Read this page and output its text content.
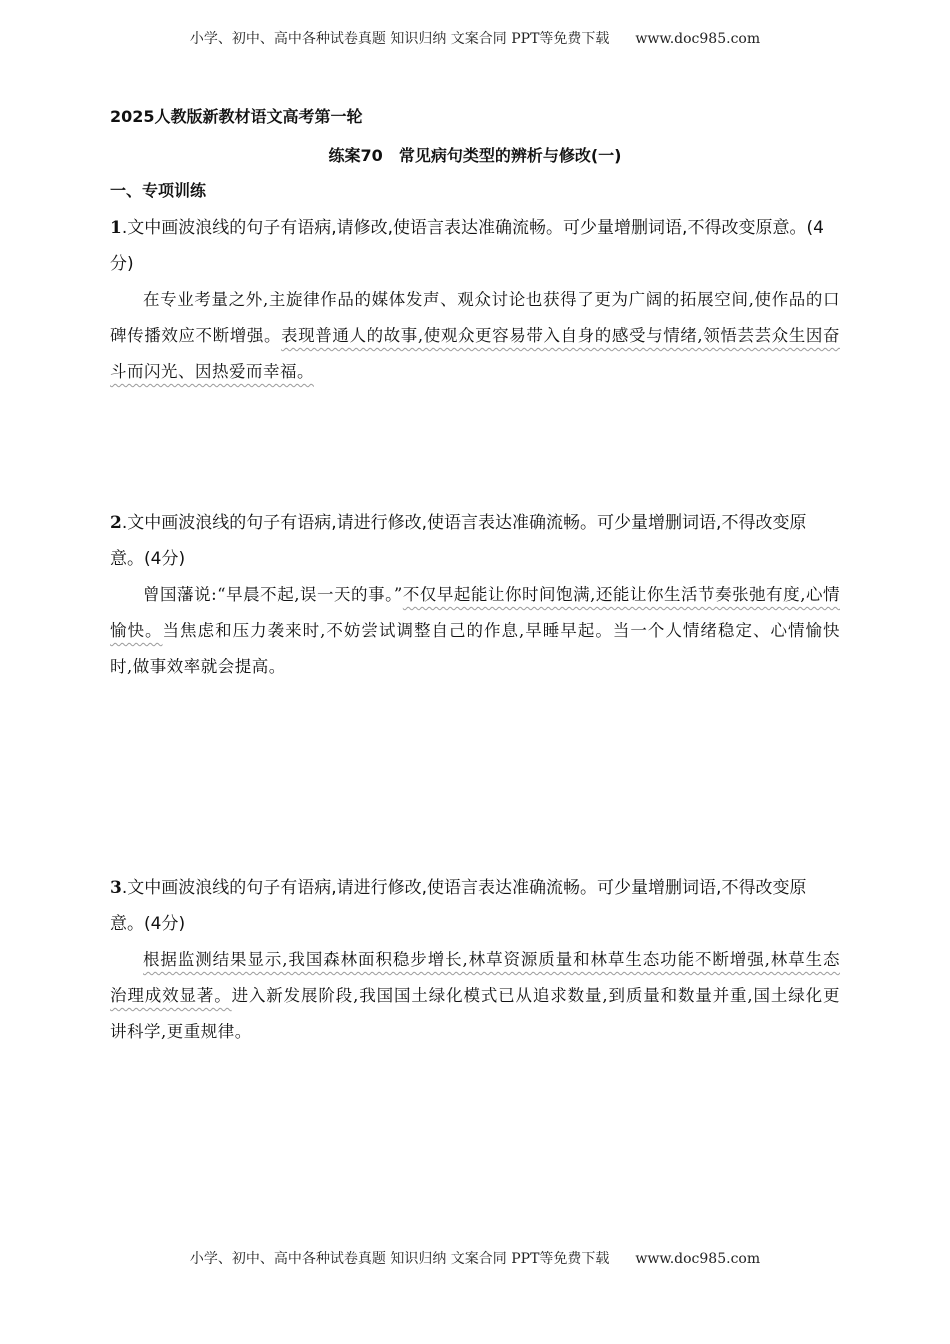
小学、初中、高中各种试卷真题 知识归纳 文案合同 PPT等免费下载 www.doc985.com
2025人教版新教材语文高考第一轮
练案70 常见病句类型的辨析与修改(一)
一、专项训练
1.文中画波浪线的句子有语病,请修改,使语言表达准确流畅。可少量增删词语,不得改变原意。(4分)
在专业考量之外,主旋律作品的媒体发声、观众讨论也获得了更为广阔的拓展空间,使作品的口碑传播效应不断增强。表现普通人的故事,使观众更容易带入自身的感受与情绪,领悟芸芸众生因奋斗而闪光、因热爱而幸福。
2.文中画波浪线的句子有语病,请进行修改,使语言表达准确流畅。可少量增删词语,不得改变原意。(4分)
曾国藩说:“早晨不起,误一天的事。”不仅早起能让你时间饱满,还能让你生活节奏张弛有度,心情愉快。当焦虑和压力袭来时,不妨尝试调整自己的作息,早睡早起。当一个人情绪稳定、心情愉快时,做事效率就会提高。
3.文中画波浪线的句子有语病,请进行修改,使语言表达准确流畅。可少量增删词语,不得改变原意。(4分)
根据监测结果显示,我国森林面积稳步增长,林草资源质量和林草生态功能不断增强,林草生态治理成效显著。进入新发展阶段,我国国土绿化模式已从追求数量,到质量和数量并重,国土绿化更讲科学,更重规律。
小学、初中、高中各种试卷真题 知识归纳 文案合同 PPT等免费下载 www.doc985.com
